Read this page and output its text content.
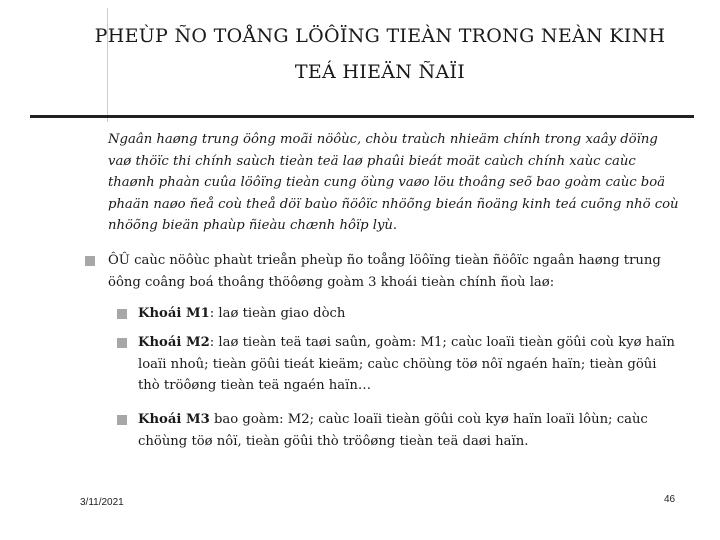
PHEÙP ÑO TOÅNG LÖÔÏNG TIEÀN TRONG NEÀN KINH
TEÁ HIEÄN ÑAÏI
Ngaân haøng trung öông moãi nöôùc, chòu traùch nhieäm chính trong xaây döïng vaø thöïc thi chính saùch tieàn teä laø phaûi bieát moät caùch chính xaùc caùc thaønh phaàn cuûa löôïng tieàn cung öùng vaøo löu thoâng seõ bao goàm caùc boä phaän naøo ñeå coù theå döï baùo ñöôïc nhöõng bieán ñoäng kinh teá cuõng nhö coù nhöõng bieän phaùp ñieàu chænh hôïp lyù.
ÔÛ caùc nöôùc phaùt trieån pheùp ño toång löôïng tieàn ñöôïc ngaân haøng trung öông coâng boá thoâng thöôøng goàm 3 khoái tieàn chính ñoù laø:
Khoái M1: laø tieàn giao dòch
Khoái M2: laø tieàn teä taøi saûn, goàm: M1; caùc loaïi tieàn göûi coù kyø haïn loaïi nhoû; tieàn göûi tieát kieäm; caùc chöùng töø nôï ngaén haïn; tieàn göûi thò tröôøng tieàn teä ngaén haïn…
Khoái M3 bao goàm: M2; caùc loaïi tieàn göûi coù kyø haïn loaïi lôùn; caùc chöùng töø nôï, tieàn göûi thò tröôøng tieàn teä daøi haïn.
3/11/2021	46
